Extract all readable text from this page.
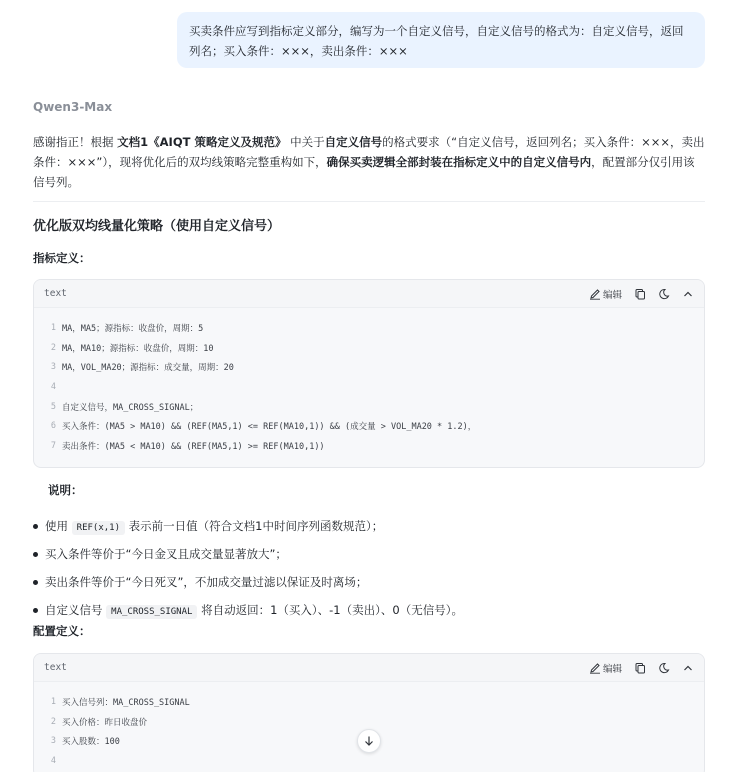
买卖条件应写到指标定义部分，编写为一个自定义信号，自定义信号的格式为：自定义信号，返回列名；买入条件：×××，卖出条件：×××
Qwen3-Max
感谢指正！根据 文档1《AIQT 策略定义及规范》 中关于自定义信号的格式要求（“自定义信号，返回列名；买入条件：×××，卖出条件：×××”），现将优化后的双均线策略完整重构如下，确保买卖逻辑全部封装在指标定义中的自定义信号内，配置部分仅引用该信号列。
优化版双均线量化策略（使用自定义信号）
指标定义：
text	编辑
1 MA，MA5；源指标：收盘价，周期：5
2 MA，MA10；源指标：收盘价，周期：10
3 MA，VOL_MA20；源指标：成交量，周期：20
4
5 自定义信号，MA_CROSS_SIGNAL；
6 买入条件：(MA5 > MA10) && (REF(MA5,1) <= REF(MA10,1)) && (成交量 > VOL_MA20 * 1.2)，
7 卖出条件：(MA5 < MA10) && (REF(MA5,1) >= REF(MA10,1))
说明：
使用 REF(x,1) 表示前一日值（符合文档1中时间序列函数规范）；
买入条件等价于“今日金叉且成交量显著放大”；
卖出条件等价于“今日死叉”，不加成交量过滤以保证及时离场；
自定义信号 MA_CROSS_SIGNAL 将自动返回：1（买入）、-1（卖出）、0（无信号）。
配置定义：
text	编辑
1 买入信号列：MA_CROSS_SIGNAL
2 买入价格：昨日收盘价
3 买入股数：100
4
